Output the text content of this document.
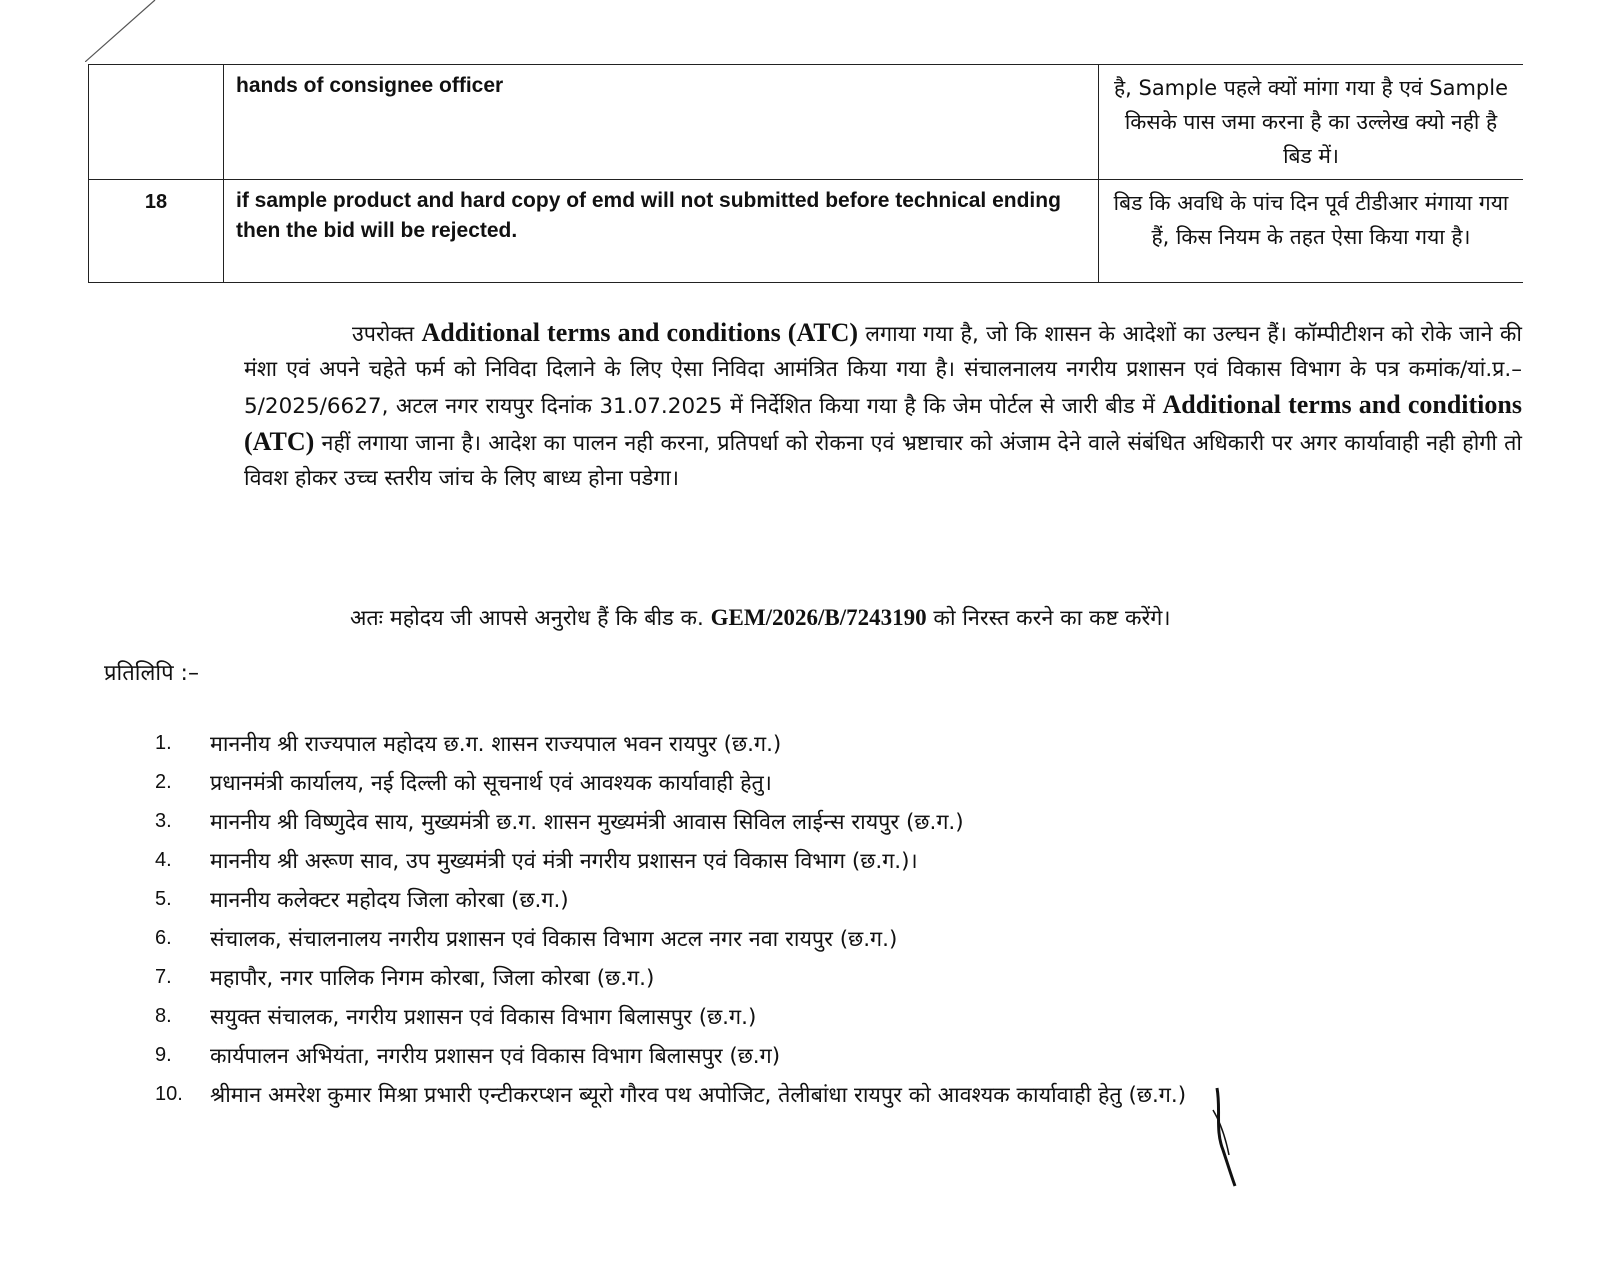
	hands of consignee officer	है, Sample पहले क्यों मांगा गया है एवं Sample किसके पास जमा करना है का उल्लेख क्यो नही है बिड में।
18	if sample product and hard copy of emd will not submitted before technical ending then the bid will be rejected.	बिड कि अवधि के पांच दिन पूर्व टीडीआर मंगाया गया हैं, किस नियम के तहत ऐसा किया गया है।

उपरोक्त Additional terms and conditions (ATC) लगाया गया है, जो कि शासन के आदेशों का उल्घन हैं। कॉम्पीटीशन को रोके जाने की मंशा एवं अपने चहेते फर्म को निविदा दिलाने के लिए ऐसा निविदा आमंत्रित किया गया है। संचालनालय नगरीय प्रशासन एवं विकास विभाग के पत्र कमांक/यां.प्र.–5/2025/6627, अटल नगर रायपुर दिनांक 31.07.2025 में निर्देशित किया गया है कि जेम पोर्टल से जारी बीड में Additional terms and conditions (ATC) नहीं लगाया जाना है। आदेश का पालन नही करना, प्रतिपर्धा को रोकना एवं भ्रष्टाचार को अंजाम देने वाले संबंधित अधिकारी पर अगर कार्यावाही नही होगी तो विवश होकर उच्च स्तरीय जांच के लिए बाध्य होना पडेगा।

अतः महोदय जी आपसे अनुरोध हैं कि बीड क. GEM/2026/B/7243190 को निरस्त करने का कष्ट करेंगे।
प्रतिलिपि :–
1.	माननीय श्री राज्यपाल महोदय छ.ग. शासन राज्यपाल भवन रायपुर (छ.ग.)
2.	प्रधानमंत्री कार्यालय, नई दिल्ली को सूचनार्थ एवं आवश्यक कार्यावाही हेतु।
3.	माननीय श्री विष्णुदेव साय, मुख्यमंत्री छ.ग. शासन मुख्यमंत्री आवास सिविल लाईन्स रायपुर (छ.ग.)
4.	माननीय श्री अरूण साव, उप मुख्यमंत्री एवं मंत्री नगरीय प्रशासन एवं विकास विभाग (छ.ग.)।
5.	माननीय कलेक्टर महोदय जिला कोरबा (छ.ग.)
6.	संचालक, संचालनालय नगरीय प्रशासन एवं विकास विभाग अटल नगर नवा रायपुर (छ.ग.)
7.	महापौर, नगर पालिक निगम कोरबा, जिला कोरबा (छ.ग.)
8.	सयुक्त संचालक, नगरीय प्रशासन एवं विकास विभाग बिलासपुर (छ.ग.)
9.	कार्यपालन अभियंता, नगरीय प्रशासन एवं विकास विभाग बिलासपुर (छ.ग)
10.	श्रीमान अमरेश कुमार मिश्रा प्रभारी एन्टीकरप्शन ब्यूरो गौरव पथ अपोजिट, तेलीबांधा रायपुर को आवश्यक कार्यावाही हेतु (छ.ग.)
